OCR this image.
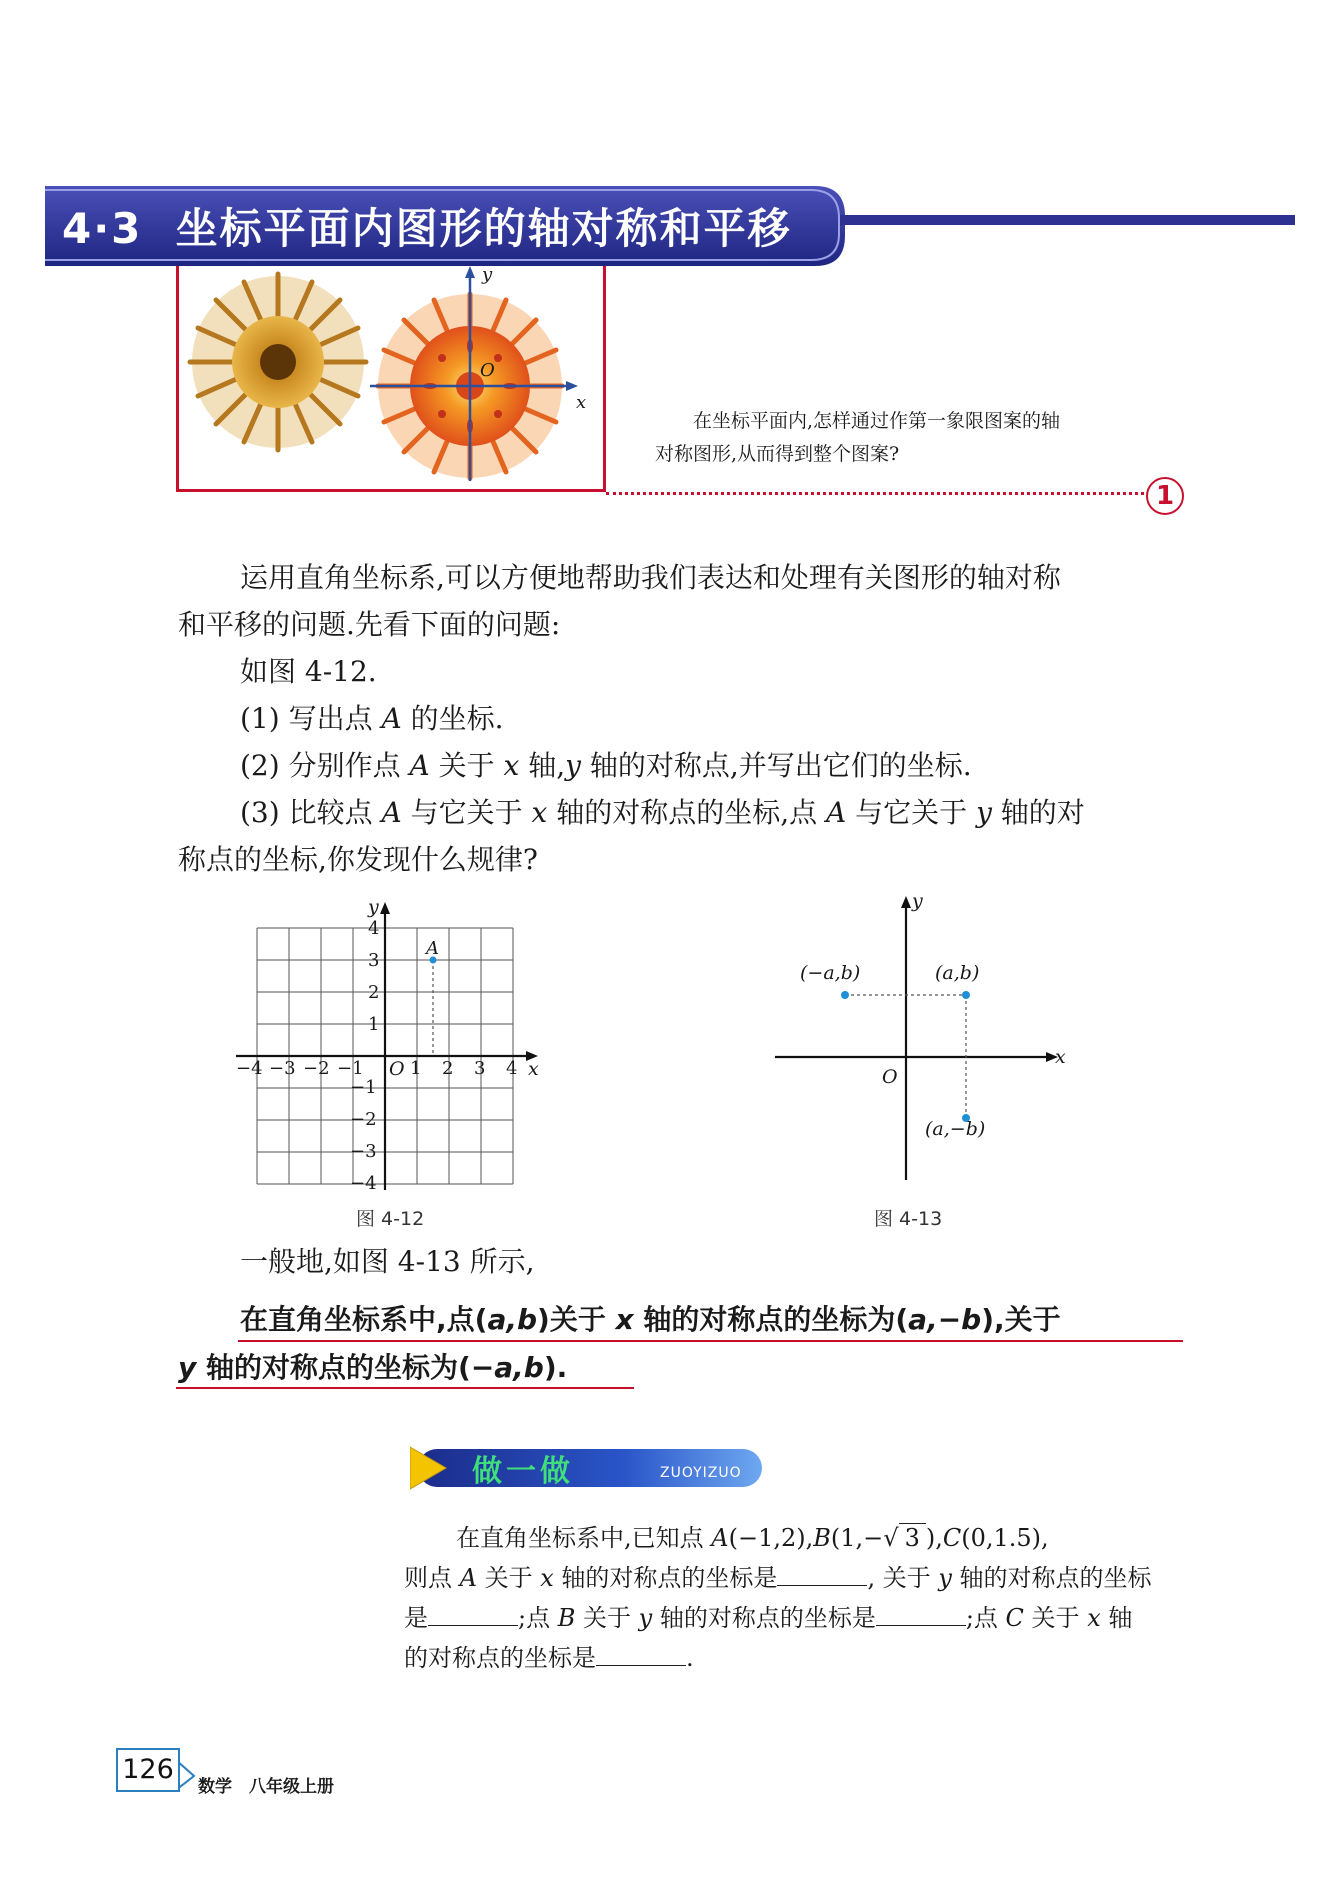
4·3 坐标平面内图形的轴对称和平移
y
x
O
在坐标平面内,怎样通过作第一象限图案的轴
对称图形,从而得到整个图案?
1
运用直角坐标系,可以方便地帮助我们表达和处理有关图形的轴对称
和平移的问题.先看下面的问题:
如图 4-12.
(1) 写出点 A 的坐标.
(2) 分别作点 A 关于 x 轴,y 轴的对称点,并写出它们的坐标.
(3) 比较点 A 与它关于 x 轴的对称点的坐标,点 A 与它关于 y 轴的对
称点的坐标,你发现什么规律?
y
x
O
A
−4 −3 −2 −1	1 2 3 4
4
3
2
1
−1
−2
−3
−4
图 4-12
y
x
O
(−a,b)	(a,b)
(a,−b)
图 4-13
一般地,如图 4-13 所示,
在直角坐标系中,点(a,b)关于 x 轴的对称点的坐标为(a,−b),关于
y 轴的对称点的坐标为(−a,b).
做一做	ZUOYIZUO
在直角坐标系中,已知点 A(−1,2),B(1,−√ 3 ),C(0,1.5),
则点 A 关于 x 轴的对称点的坐标是	, 关于 y 轴的对称点的坐标
是	;点 B 关于 y 轴的对称点的坐标是	;点 C 关于 x 轴
的对称点的坐标是	.
126
数学　八年级上册
